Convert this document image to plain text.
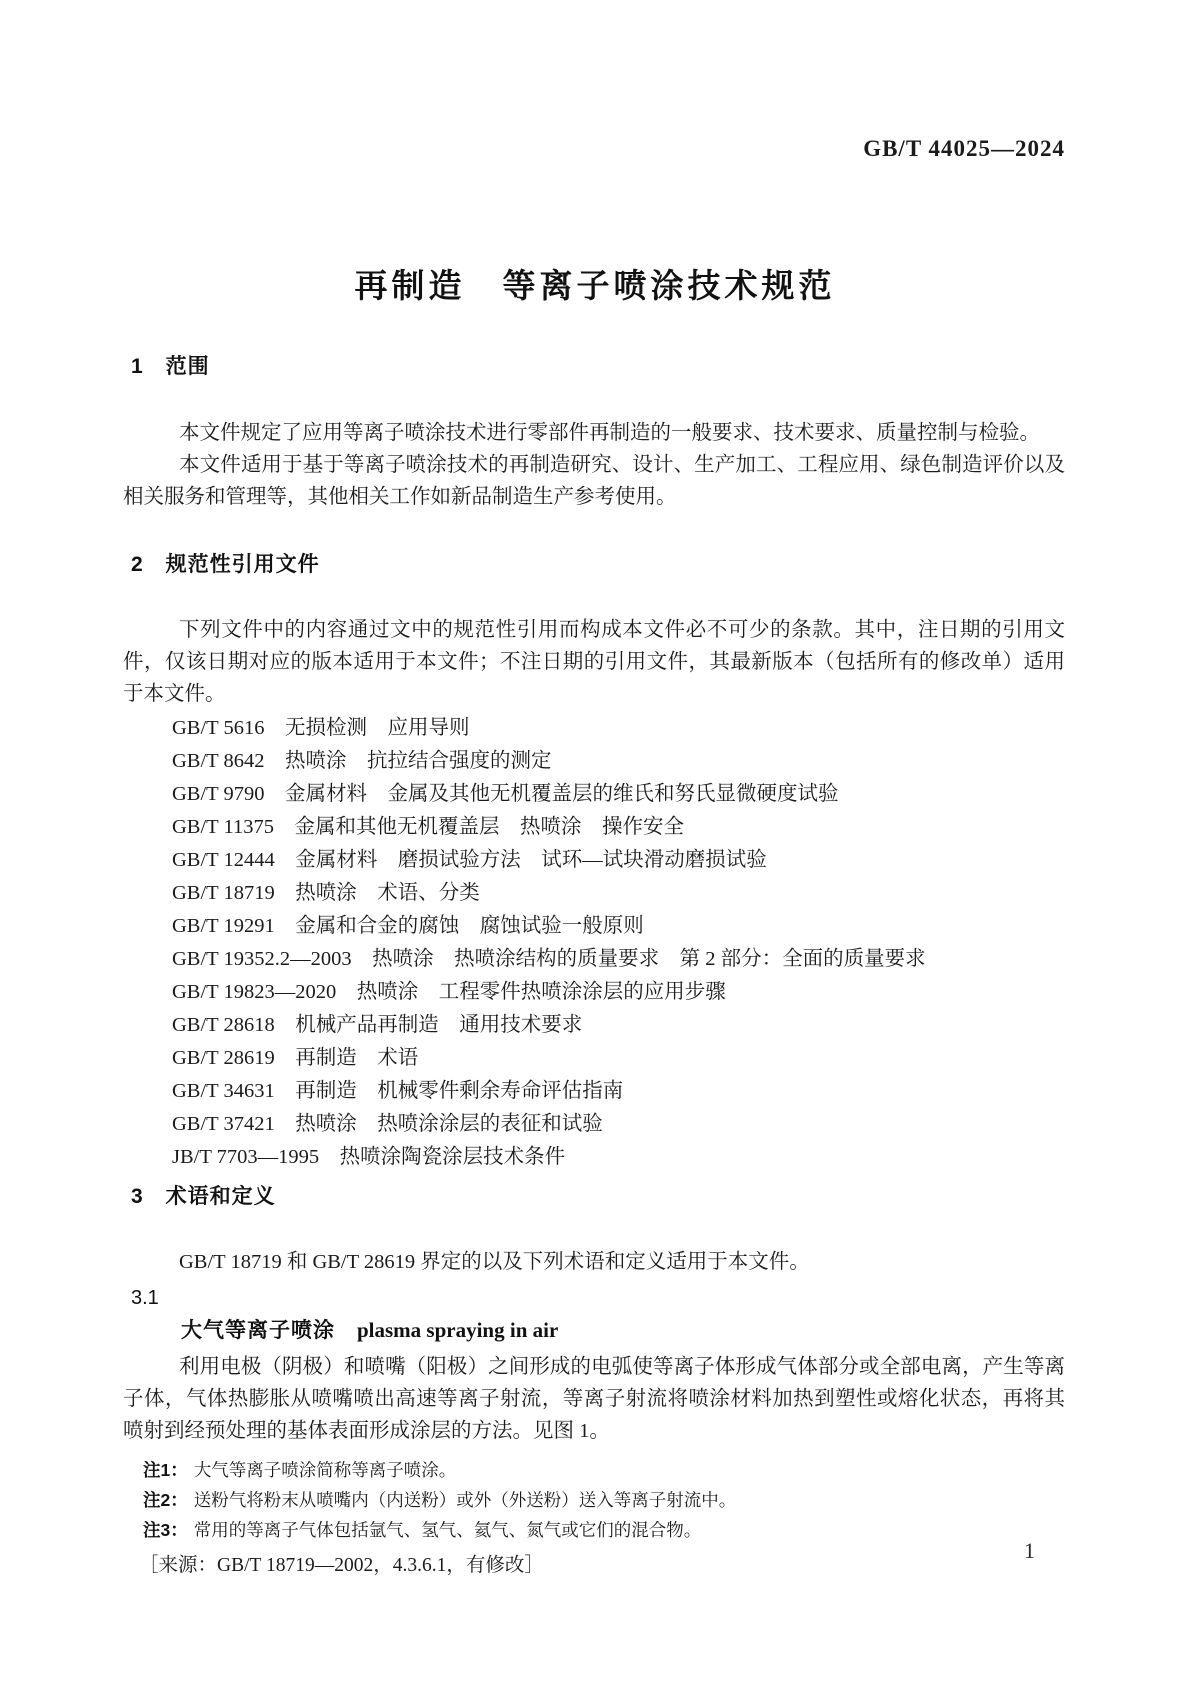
GB/T 44025—2024
再制造　等离子喷涂技术规范
1　范围

本文件规定了应用等离子喷涂技术进行零部件再制造的一般要求、技术要求、质量控制与检验。

本文件适用于基于等离子喷涂技术的再制造研究、设计、生产加工、工程应用、绿色制造评价以及相关服务和管理等，其他相关工作如新品制造生产参考使用。

2　规范性引用文件

下列文件中的内容通过文中的规范性引用而构成本文件必不可少的条款。其中，注日期的引用文件，仅该日期对应的版本适用于本文件；不注日期的引用文件，其最新版本（包括所有的修改单）适用于本文件。

GB/T 5616　无损检测　应用导则

GB/T 8642　热喷涂　抗拉结合强度的测定

GB/T 9790　金属材料　金属及其他无机覆盖层的维氏和努氏显微硬度试验

GB/T 11375　金属和其他无机覆盖层　热喷涂　操作安全

GB/T 12444　金属材料　磨损试验方法　试环—试块滑动磨损试验

GB/T 18719　热喷涂　术语、分类

GB/T 19291　金属和合金的腐蚀　腐蚀试验一般原则

GB/T 19352.2—2003　热喷涂　热喷涂结构的质量要求　第 2 部分：全面的质量要求

GB/T 19823—2020　热喷涂　工程零件热喷涂涂层的应用步骤

GB/T 28618　机械产品再制造　通用技术要求

GB/T 28619　再制造　术语

GB/T 34631　再制造　机械零件剩余寿命评估指南

GB/T 37421　热喷涂　热喷涂涂层的表征和试验

JB/T 7703—1995　热喷涂陶瓷涂层技术条件

3　术语和定义

GB/T 18719 和 GB/T 28619 界定的以及下列术语和定义适用于本文件。

3.1
大气等离子喷涂 plasma spraying in air

利用电极（阴极）和喷嘴（阳极）之间形成的电弧使等离子体形成气体部分或全部电离，产生等离子体，气体热膨胀从喷嘴喷出高速等离子射流，等离子射流将喷涂材料加热到塑性或熔化状态，再将其喷射到经预处理的基体表面形成涂层的方法。见图 1。

注1： 大气等离子喷涂简称等离子喷涂。

注2： 送粉气将粉末从喷嘴内（内送粉）或外（外送粉）送入等离子射流中。

注3： 常用的等离子气体包括氩气、氢气、氦气、氮气或它们的混合物。

［来源：GB/T 18719—2002，4.3.6.1，有修改］

1
